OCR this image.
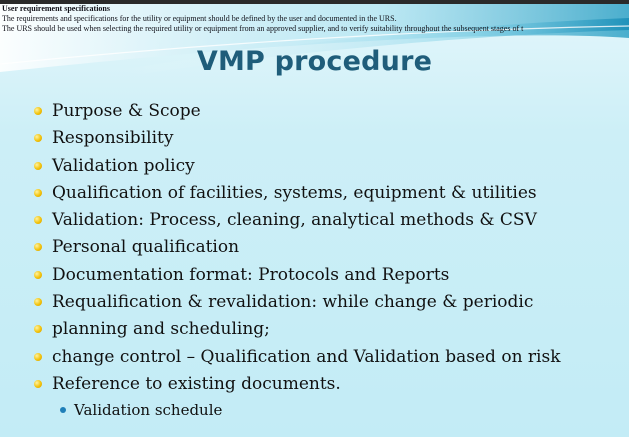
User requirement specifications
The requirements and specifications for the utility or equipment should be defined by the user and documented in the URS.
The URS should be used when selecting the required utility or equipment from an approved supplier, and to verify suitability throughout the subsequent stages of t
VMP procedure
Purpose & Scope
Responsibility
Validation policy
Qualification of facilities, systems, equipment & utilities
Validation: Process, cleaning, analytical methods & CSV
Personal qualification
Documentation format: Protocols and Reports
Requalification & revalidation: while change & periodic
planning and scheduling;
change control – Qualification and Validation based on risk
Reference to existing documents.
Validation schedule
